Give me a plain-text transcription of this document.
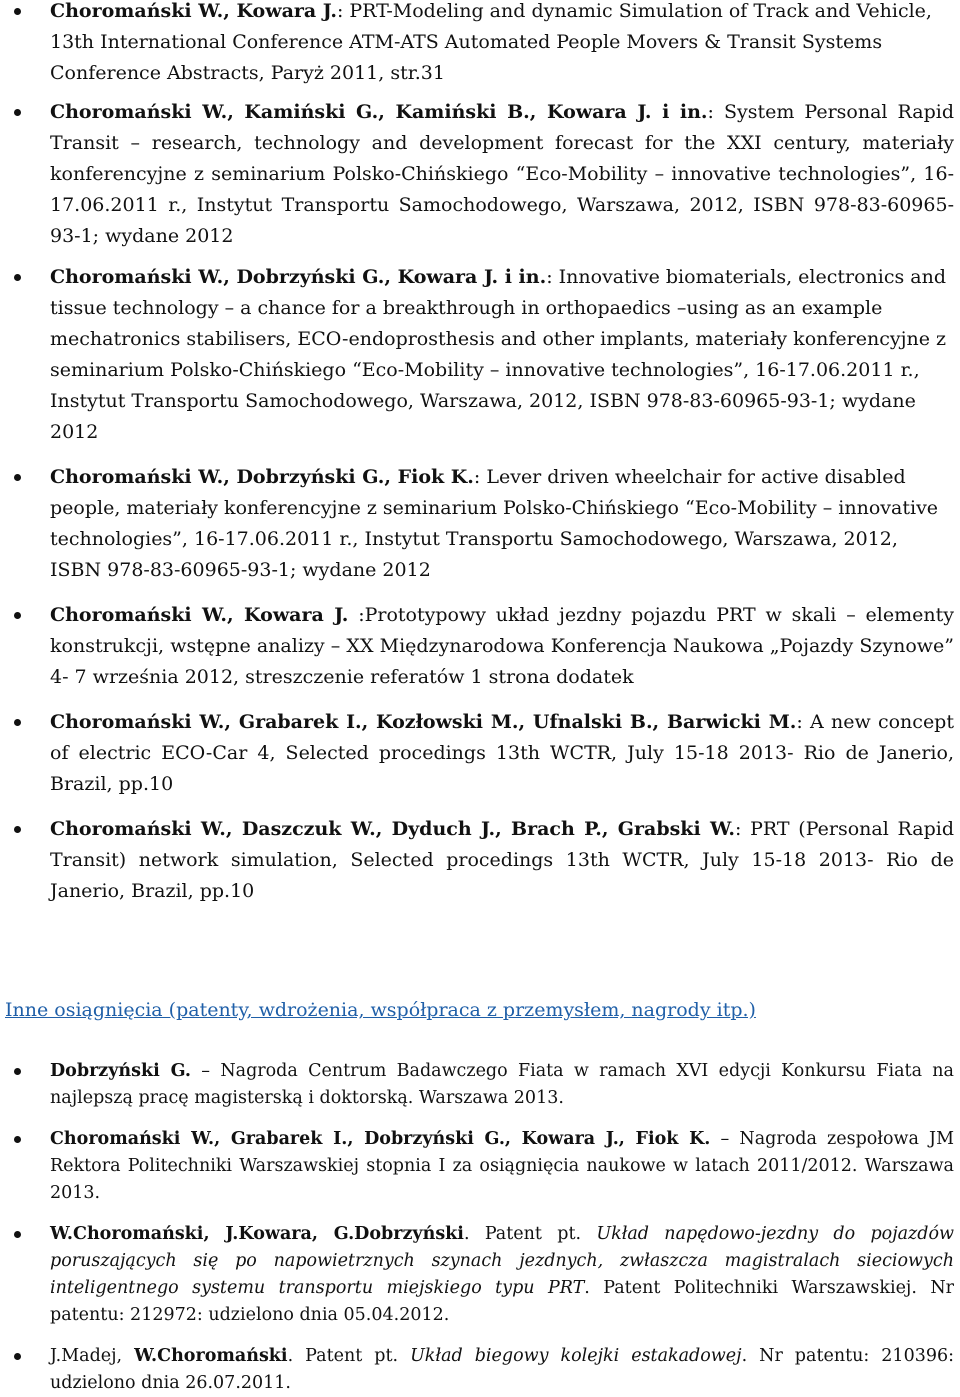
Choromański W., Kowara J.: PRT-Modeling and dynamic Simulation of Track and Vehicle, 13th International Conference ATM-ATS Automated People Movers & Transit Systems Conference Abstracts, Paryż 2011, str.31
Choromański W., Kamiński G., Kamiński B., Kowara J. i in.: System Personal Rapid Transit – research, technology and development forecast for the XXI century, materiały konferencyjne z seminarium Polsko-Chińskiego “Eco-Mobility – innovative technologies”, 16-17.06.2011 r., Instytut Transportu Samochodowego, Warszawa, 2012, ISBN 978-83-60965-93-1; wydane 2012
Choromański W., Dobrzyński G., Kowara J. i in.: Innovative biomaterials, electronics and tissue technology – a chance for a breakthrough in orthopaedics –using as an example mechatronics stabilisers, ECO-endoprosthesis and other implants, materiały konferencyjne z seminarium Polsko-Chińskiego “Eco-Mobility – innovative technologies”, 16-17.06.2011 r., Instytut Transportu Samochodowego, Warszawa, 2012, ISBN 978-83-60965-93-1; wydane 2012
Choromański W., Dobrzyński G., Fiok K.: Lever driven wheelchair for active disabled people, materiały konferencyjne z seminarium Polsko-Chińskiego “Eco-Mobility – innovative technologies”, 16-17.06.2011 r., Instytut Transportu Samochodowego, Warszawa, 2012, ISBN 978-83-60965-93-1; wydane 2012
Choromański W., Kowara J. :Prototypowy układ jezdny pojazdu PRT w skali – elementy konstrukcji, wstępne analizy – XX Międzynarodowa Konferencja Naukowa „Pojazdy Szynowe” 4- 7 września 2012, streszczenie referatów 1 strona dodatek
Choromański W., Grabarek I., Kozłowski M., Ufnalski B., Barwicki M.: A new concept of electric ECO-Car 4, Selected procedings 13th WCTR, July 15-18 2013- Rio de Janerio, Brazil, pp.10
Choromański W., Daszczuk W., Dyduch J., Brach P., Grabski W.: PRT (Personal Rapid Transit) network simulation, Selected procedings 13th WCTR, July 15-18 2013- Rio de Janerio, Brazil, pp.10
Inne osiągnięcia (patenty, wdrożenia, współpraca z przemysłem, nagrody itp.)
Dobrzyński G. – Nagroda Centrum Badawczego Fiata w ramach XVI edycji Konkursu Fiata na najlepszą pracę magisterską i doktorską. Warszawa 2013.
Choromański W., Grabarek I., Dobrzyński G., Kowara J., Fiok K. – Nagroda zespołowa JM Rektora Politechniki Warszawskiej stopnia I za osiągnięcia naukowe w latach 2011/2012. Warszawa 2013.
W.Choromański, J.Kowara, G.Dobrzyński. Patent pt. Układ napędowo-jezdny do pojazdów poruszających się po napowietrznych szynach jezdnych, zwłaszcza magistralach sieciowych inteligentnego systemu transportu miejskiego typu PRT. Patent Politechniki Warszawskiej. Nr patentu: 212972: udzielono dnia 05.04.2012.
J.Madej, W.Choromański. Patent pt. Układ biegowy kolejki estakadowej. Nr patentu: 210396: udzielono dnia 26.07.2011.
